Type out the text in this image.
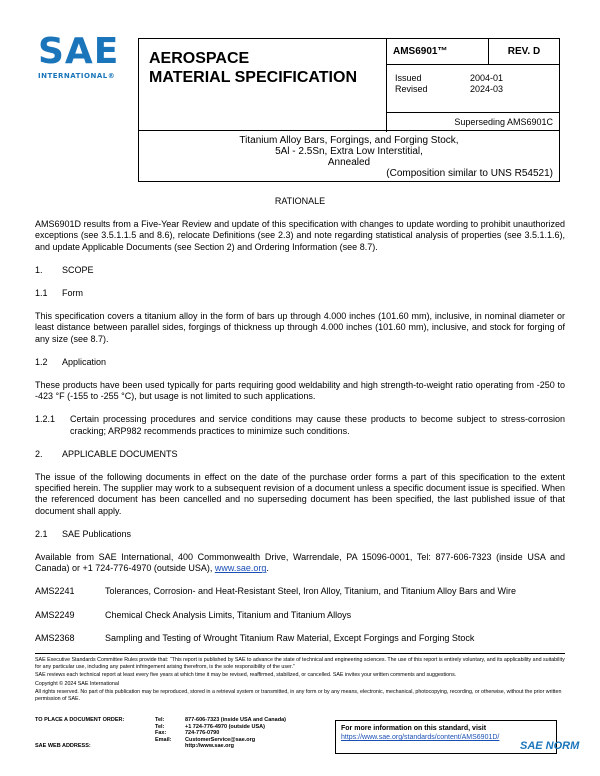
SAE
INTERNATIONAL®
AEROSPACE
MATERIAL SPECIFICATION
AMS6901™	REV. D
Issued	2004-01
Revised	2024-03
Superseding AMS6901C
Titanium Alloy Bars, Forgings, and Forging Stock,
5Al - 2.5Sn, Extra Low Interstitial,
Annealed
(Composition similar to UNS R54521)
RATIONALE
AMS6901D results from a Five-Year Review and update of this specification with changes to update wording to prohibit unauthorized exceptions (see 3.5.1.1.5 and 8.6), relocate Definitions (see 2.3) and note regarding statistical analysis of properties (see 3.5.1.1.6), and update Applicable Documents (see Section 2) and Ordering Information (see 8.7).
1.	SCOPE
1.1	Form
This specification covers a titanium alloy in the form of bars up through 4.000 inches (101.60 mm), inclusive, in nominal diameter or least distance between parallel sides, forgings of thickness up through 4.000 inches (101.60 mm), inclusive, and stock for forging of any size (see 8.7).
1.2	Application
These products have been used typically for parts requiring good weldability and high strength-to-weight ratio operating from -250 to -423 °F (-155 to -255 °C), but usage is not limited to such applications.
1.2.1	Certain processing procedures and service conditions may cause these products to become subject to stress-corrosion cracking; ARP982 recommends practices to minimize such conditions.
2.	APPLICABLE DOCUMENTS
The issue of the following documents in effect on the date of the purchase order forms a part of this specification to the extent specified herein. The supplier may work to a subsequent revision of a document unless a specific document issue is specified. When the referenced document has been cancelled and no superseding document has been specified, the last published issue of that document shall apply.
2.1	SAE Publications
Available from SAE International, 400 Commonwealth Drive, Warrendale, PA 15096-0001, Tel: 877-606-7323 (inside USA and Canada) or +1 724-776-4970 (outside USA), www.sae.org.
AMS2241	Tolerances, Corrosion- and Heat-Resistant Steel, Iron Alloy, Titanium, and Titanium Alloy Bars and Wire
AMS2249	Chemical Check Analysis Limits, Titanium and Titanium Alloys
AMS2368	Sampling and Testing of Wrought Titanium Raw Material, Except Forgings and Forging Stock
SAE Executive Standards Committee Rules provide that: “This report is published by SAE to advance the state of technical and engineering sciences. The use of this report is entirely voluntary, and its applicability and suitability for any particular use, including any patent infringement arising therefrom, is the sole responsibility of the user.”
SAE reviews each technical report at least every five years at which time it may be revised, reaffirmed, stabilized, or cancelled. SAE invites your written comments and suggestions.
Copyright © 2024 SAE International
All rights reserved. No part of this publication may be reproduced, stored in a retrieval system or transmitted, in any form or by any means, electronic, mechanical, photocopying, recording, or otherwise, without the prior written permission of SAE.
TO PLACE A DOCUMENT ORDER:	Tel:	877-606-7323 (inside USA and Canada)
Tel:	+1 724-776-4970 (outside USA)
Fax:	724-776-0790
Email:	CustomerService@sae.org
SAE WEB ADDRESS:	http://www.sae.org
For more information on this standard, visit
https://www.sae.org/standards/content/AMS6901D/
SAE NORM
